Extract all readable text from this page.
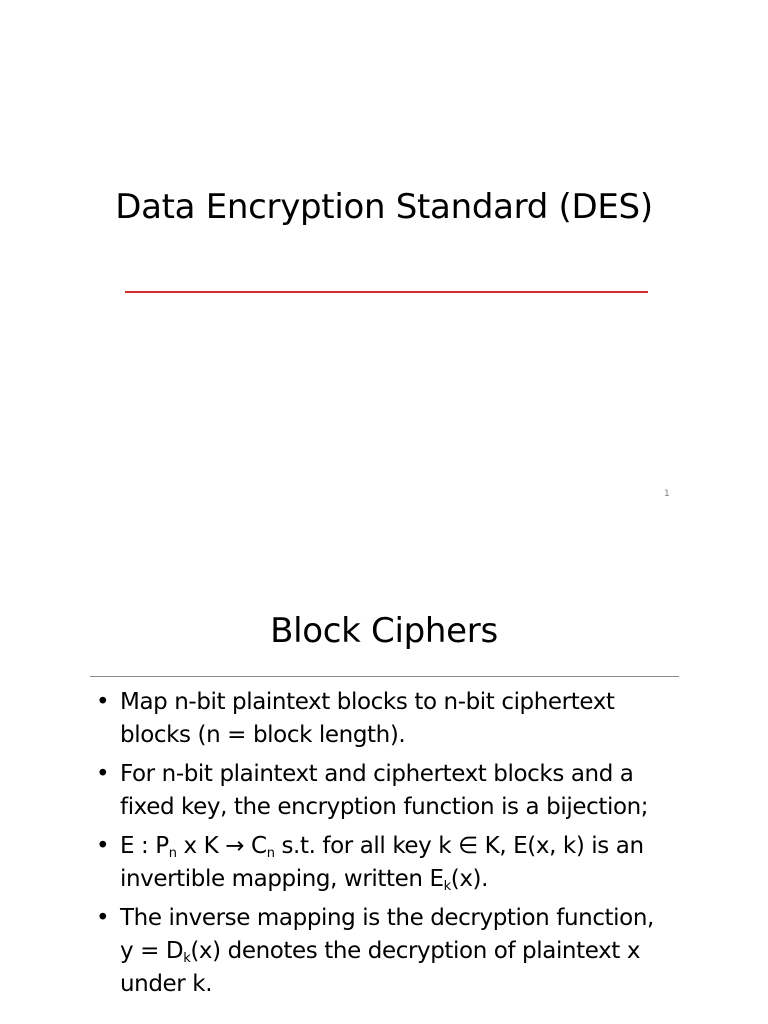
Data Encryption Standard (DES)
1
Block Ciphers
• Map n-bit plaintext blocks to n-bit ciphertext blocks (n = block length).
• For n-bit plaintext and ciphertext blocks and a fixed key, the encryption function is a bijection;
• E : $P_n$ x $K \to C_n$ s.t. for all key k ∈ K, E(x, k) is an invertible mapping, written $E_k(x)$.
• The inverse mapping is the decryption function, $y = D_k(x)$ denotes the decryption of plaintext x under k.
